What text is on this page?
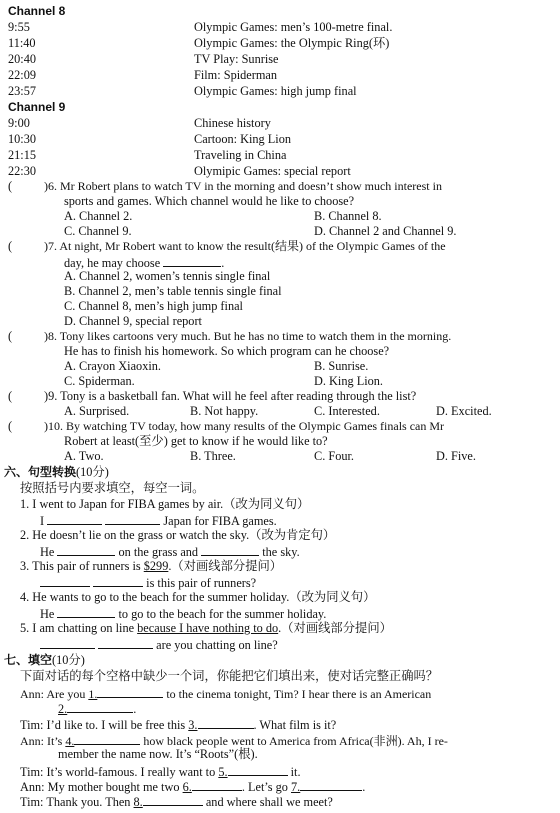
Channel 8
9:55	Olympic Games: men’s 100-metre final.
11:40	Olympic Games: the Olympic Ring(环)
20:40	TV Play: Sunrise
22:09	Film: Spiderman
23:57	Olympic Games: high jump final
Channel 9
9:00	Chinese history
10:30	Cartoon: King Lion
21:15	Traveling in China
22:30	Olymipic Games: special report
(	)6. Mr Robert plans to watch TV in the morning and doesn’t show much interest in
sports and games. Which channel would he like to choose?
A. Channel 2.	B. Channel 8.
C. Channel 9.	D. Channel 2 and Channel 9.
(	)7. At night, Mr Robert want to know the result(结果) of the Olympic Games of the
day, he may choose	.
A. Channel 2, women’s tennis single final
B. Channel 2, men’s table tennis single final
C. Channel 8, men’s high jump final
D. Channel 9, special report
(	)8. Tony likes cartoons very much. But he has no time to watch them in the morning.
He has to finish his homework. So which program can he choose?
A. Crayon Xiaoxin.	B. Sunrise.
C. Spiderman.	D. King Lion.
(	)9. Tony is a basketball fan. What will he feel after reading through the list?
A. Surprised.	B. Not happy.	C. Interested.	D. Excited.
(	)10. By watching TV today, how many results of the Olympic Games finals can Mr
Robert at least(至少) get to know if he would like to?
A. Two.	B. Three.	C. Four.	D. Five.
六、句型转换(10分)
按照括号内要求填空，每空一词。
1. I went to Japan for FIBA games by air.（改为同义句）
I	Japan for FIBA games.
2. He doesn’t lie on the grass or watch the sky.（改为肯定句）
He	on the grass and	the sky.
3. This pair of runners is $299.（对画线部分提问）
is this pair of runners?
4. He wants to go to the beach for the summer holiday.（改为同义句）
He	to go to the beach for the summer holiday.
5. I am chatting on line because I have nothing to do.（对画线部分提问）
are you chatting on line?
七、填空(10分)
下面对话的每个空格中缺少一个词，你能把它们填出来，使对话完整正确吗？
Ann: Are you 1.	to the cinema tonight, Tim? I hear there is an American
2.	.
Tim: I’d like to. I will be free this 3.	. What film is it?
Ann: It’s 4.	how black people went to America from Africa(非洲). Ah, I re-
member the name now. It’s “Roots”(根).
Tim: It’s world-famous. I really want to 5.	it.
Ann: My mother bought me two 6.	. Let’s go 7.	.
Tim: Thank you. Then 8.	and where shall we meet?
